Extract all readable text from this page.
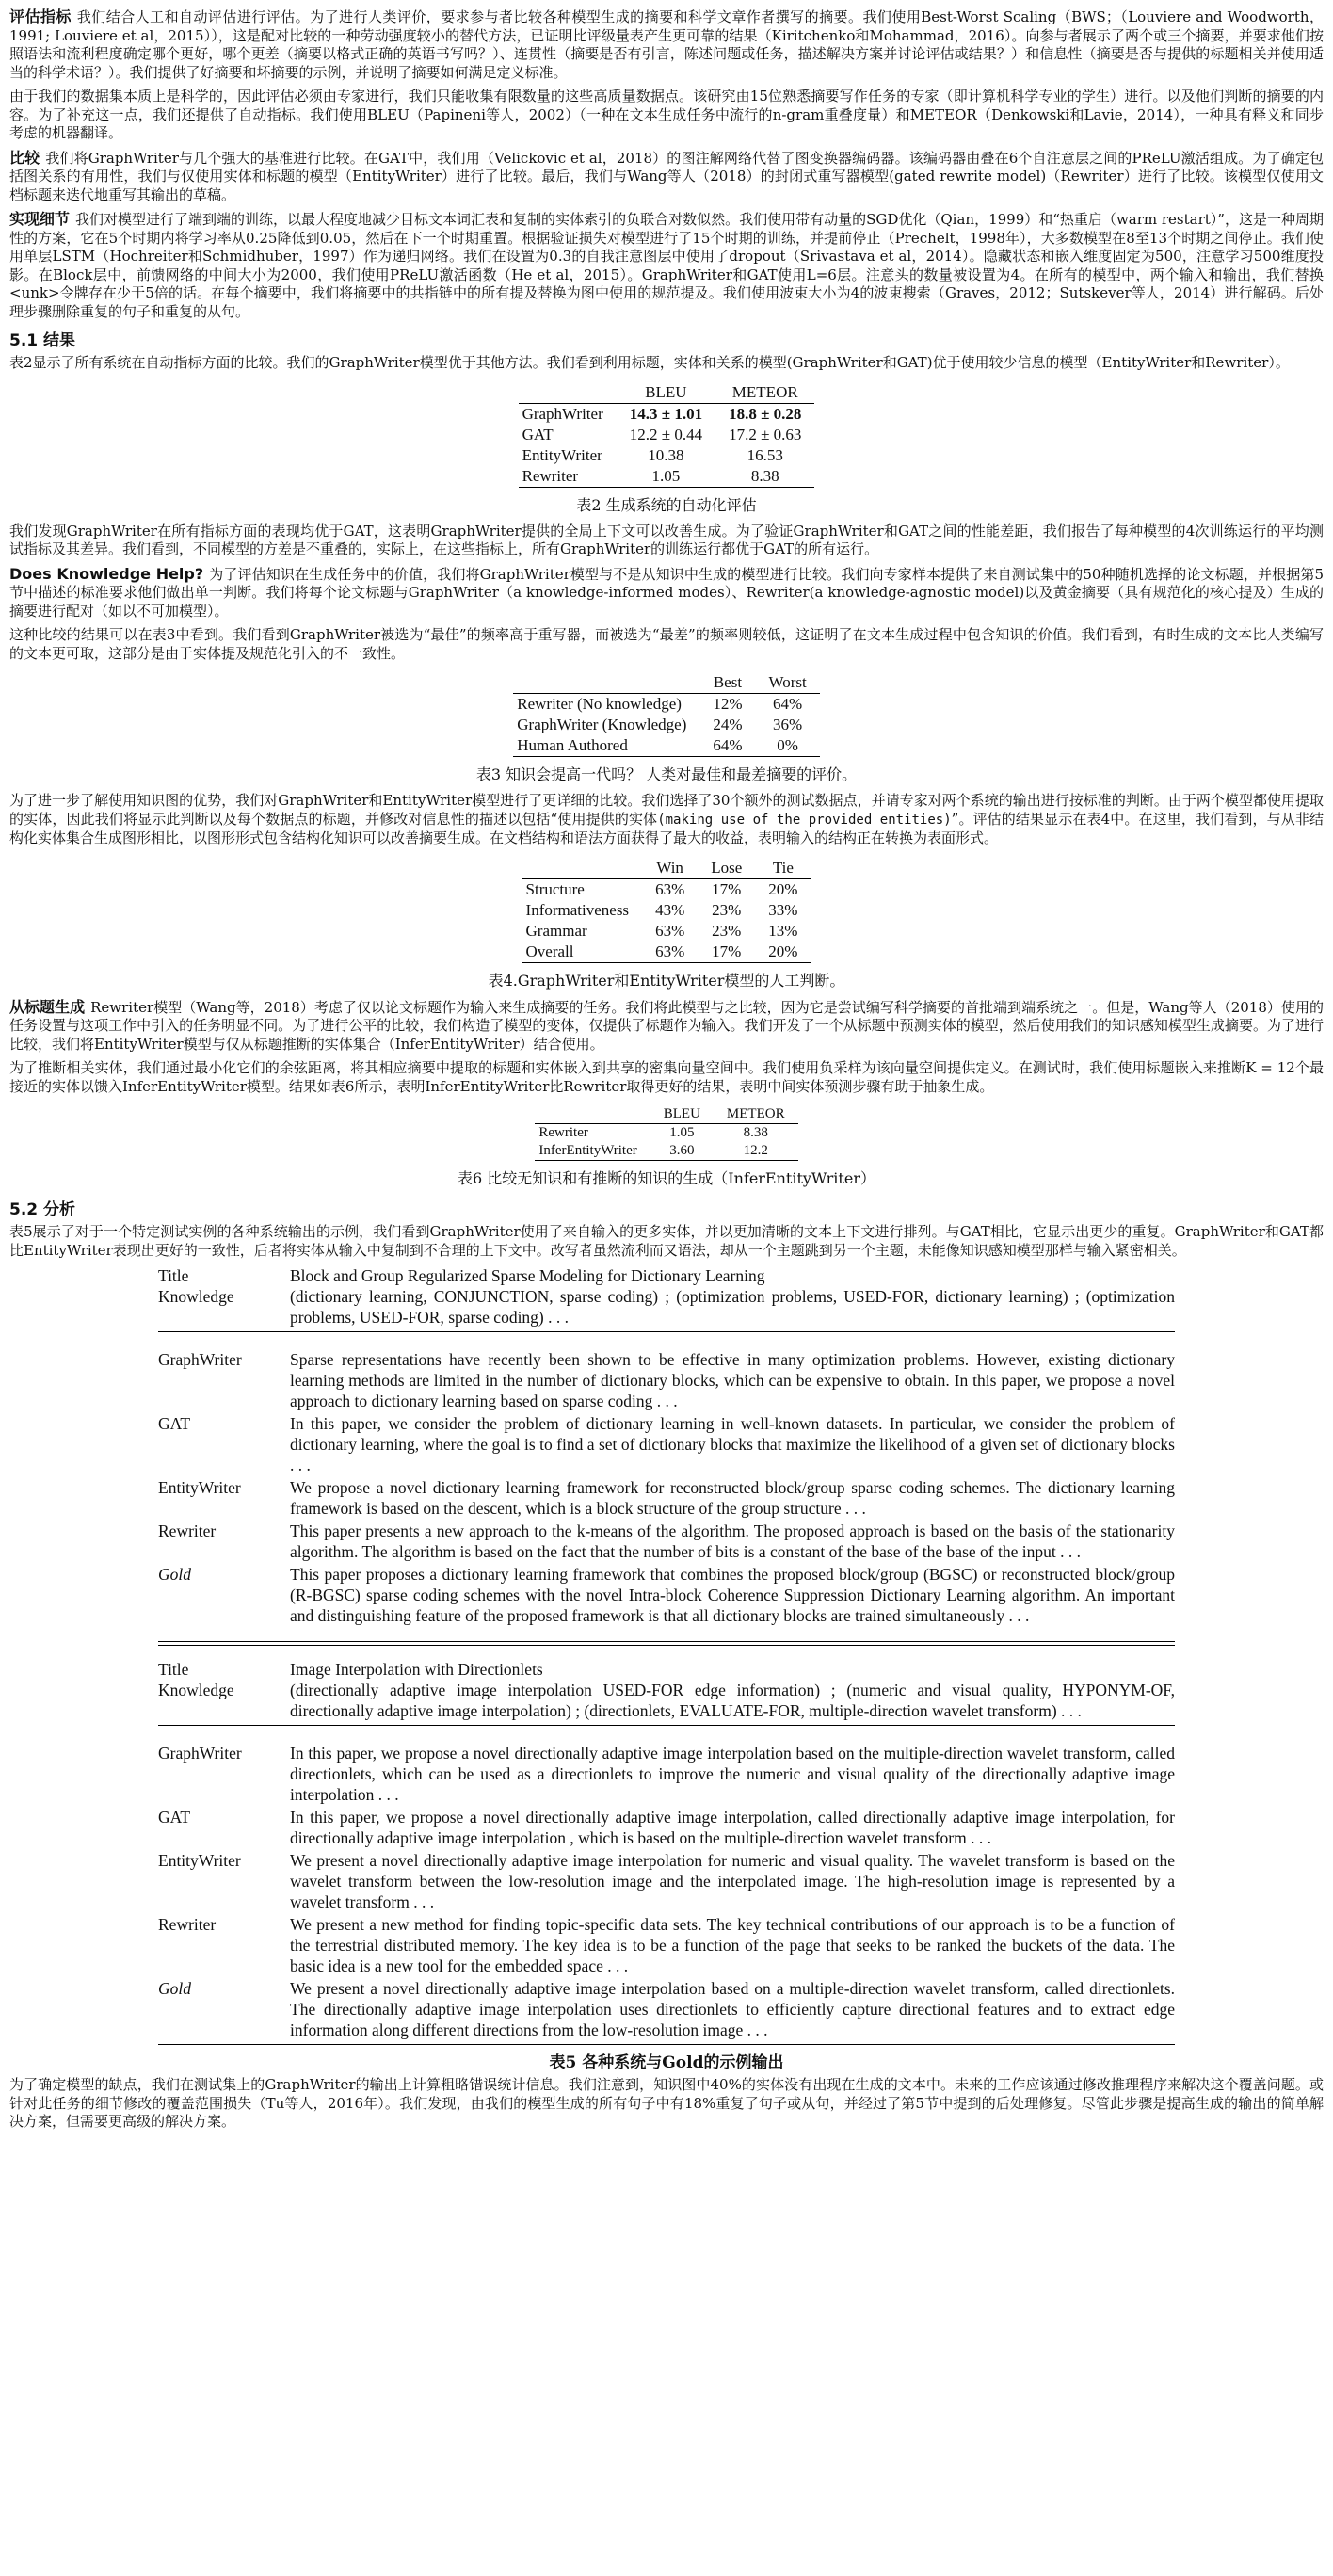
评估指标 我们结合人工和自动评估进行评估。为了进行人类评价，要求参与者比较各种模型生成的摘要和科学文章作者撰写的摘要。我们使用Best-Worst Scaling（BWS；（Louviere and Woodworth，1991; Louviere et al，2015）），这是配对比较的一种劳动强度较小的替代方法，已证明比评级量表产生更可靠的结果（Kiritchenko和Mohammad，2016）。向参与者展示了两个或三个摘要，并要求他们按照语法和流利程度确定哪个更好，哪个更差（摘要以格式正确的英语书写吗？）、连贯性（摘要是否有引言，陈述问题或任务，描述解决方案并讨论评估或结果？）和信息性（摘要是否与提供的标题相关并使用适当的科学术语？）。我们提供了好摘要和坏摘要的示例，并说明了摘要如何满足定义标准。

由于我们的数据集本质上是科学的，因此评估必须由专家进行，我们只能收集有限数量的这些高质量数据点。该研究由15位熟悉摘要写作任务的专家（即计算机科学专业的学生）进行。以及他们判断的摘要的内容。为了补充这一点，我们还提供了自动指标。我们使用BLEU（Papineni等人，2002）（一种在文本生成任务中流行的n-gram重叠度量）和METEOR（Denkowski和Lavie，2014），一种具有释义和同步考虑的机器翻译。

比较 我们将GraphWriter与几个强大的基准进行比较。在GAT中，我们用（Velickovic et al，2018）的图注解网络代替了图变换器编码器。该编码器由叠在6个自注意层之间的PReLU激活组成。为了确定包括图关系的有用性，我们与仅使用实体和标题的模型（EntityWriter）进行了比较。最后，我们与Wang等人（2018）的封闭式重写器模型(gated rewrite model)（Rewriter）进行了比较。该模型仅使用文档标题来迭代地重写其输出的草稿。

实现细节 我们对模型进行了端到端的训练，以最大程度地减少目标文本词汇表和复制的实体索引的负联合对数似然。我们使用带有动量的SGD优化（Qian，1999）和“热重启（warm restart）”，这是一种周期性的方案，它在5个时期内将学习率从0.25降低到0.05，然后在下一个时期重置。根据验证损失对模型进行了15个时期的训练，并提前停止（Prechelt，1998年），大多数模型在8至13个时期之间停止。我们使用单层LSTM（Hochreiter和Schmidhuber，1997）作为递归网络。我们在设置为0.3的自我注意图层中使用了dropout（Srivastava et al，2014）。隐藏状态和嵌入维度固定为500，注意学习500维度投影。在Block层中，前馈网络的中间大小为2000，我们使用PReLU激活函数（He et al，2015）。GraphWriter和GAT使用L=6层。注意头的数量被设置为4。在所有的模型中，两个输入和输出，我们替换<unk>令牌存在少于5倍的话。在每个摘要中，我们将摘要中的共指链中的所有提及替换为图中使用的规范提及。我们使用波束大小为4的波束搜索（Graves，2012；Sutskever等人，2014）进行解码。后处理步骤删除重复的句子和重复的从句。

5.1 结果

表2显示了所有系统在自动指标方面的比较。我们的GraphWriter模型优于其他方法。我们看到利用标题，实体和关系的模型(GraphWriter和GAT)优于使用较少信息的模型（EntityWriter和Rewriter）。

	BLEU	METEOR
GraphWriter	14.3 ± 1.01	18.8 ± 0.28
GAT	12.2 ± 0.44	17.2 ± 0.63
EntityWriter	10.38	16.53
Rewriter	1.05	8.38
表2 生成系统的自动化评估

我们发现GraphWriter在所有指标方面的表现均优于GAT，这表明GraphWriter提供的全局上下文可以改善生成。为了验证GraphWriter和GAT之间的性能差距，我们报告了每种模型的4次训练运行的平均测试指标及其差异。我们看到，不同模型的方差是不重叠的，实际上，在这些指标上，所有GraphWriter的训练运行都优于GAT的所有运行。

Does Knowledge Help? 为了评估知识在生成任务中的价值，我们将GraphWriter模型与不是从知识中生成的模型进行比较。我们向专家样本提供了来自测试集中的50种随机选择的论文标题，并根据第5节中描述的标准要求他们做出单一判断。我们将每个论文标题与GraphWriter（a knowledge-informed modes）、Rewriter(a knowledge-agnostic model)以及黄金摘要（具有规范化的核心提及）生成的摘要进行配对（如以不可加模型）。

这种比较的结果可以在表3中看到。我们看到GraphWriter被选为“最佳”的频率高于重写器，而被选为“最差”的频率则较低，这证明了在文本生成过程中包含知识的价值。我们看到，有时生成的文本比人类编写的文本更可取，这部分是由于实体提及规范化引入的不一致性。

	Best	Worst
Rewriter (No knowledge)	12%	64%
GraphWriter (Knowledge)	24%	36%
Human Authored	64%	0%
表3 知识会提高一代吗？ 人类对最佳和最差摘要的评价。

为了进一步了解使用知识图的优势，我们对GraphWriter和EntityWriter模型进行了更详细的比较。我们选择了30个额外的测试数据点，并请专家对两个系统的输出进行按标准的判断。由于两个模型都使用提取的实体，因此我们将显示此判断以及每个数据点的标题，并修改对信息性的描述以包括“使用提供的实体(making use of the provided entities)”。评估的结果显示在表4中。在这里，我们看到，与从非结构化实体集合生成图形相比，以图形形式包含结构化知识可以改善摘要生成。在文档结构和语法方面获得了最大的收益，表明输入的结构正在转换为表面形式。

	Win	Lose	Tie
Structure	63%	17%	20%
Informativeness	43%	23%	33%
Grammar	63%	23%	13%
Overall	63%	17%	20%
表4.GraphWriter和EntityWriter模型的人工判断。

从标题生成 Rewriter模型（Wang等，2018）考虑了仅以论文标题作为输入来生成摘要的任务。我们将此模型与之比较，因为它是尝试编写科学摘要的首批端到端系统之一。但是，Wang等人（2018）使用的任务设置与这项工作中引入的任务明显不同。为了进行公平的比较，我们构造了模型的变体，仅提供了标题作为输入。我们开发了一个从标题中预测实体的模型，然后使用我们的知识感知模型生成摘要。为了进行比较，我们将EntityWriter模型与仅从标题推断的实体集合（InferEntityWriter）结合使用。

为了推断相关实体，我们通过最小化它们的余弦距离，将其相应摘要中提取的标题和实体嵌入到共享的密集向量空间中。我们使用负采样为该向量空间提供定义。在测试时，我们使用标题嵌入来推断K = 12个最接近的实体以馈入InferEntityWriter模型。结果如表6所示，表明InferEntityWriter比Rewriter取得更好的结果，表明中间实体预测步骤有助于抽象生成。

	BLEU	METEOR
Rewriter	1.05	8.38
InferEntityWriter	3.60	12.2
表6 比较无知识和有推断的知识的生成（InferEntityWriter）
5.2 分析

表5展示了对于一个特定测试实例的各种系统输出的示例，我们看到GraphWriter使用了来自输入的更多实体，并以更加清晰的文本上下文进行排列。与GAT相比，它显示出更少的重复。GraphWriter和GAT都比EntityWriter表现出更好的一致性，后者将实体从输入中复制到不合理的上下文中。改写者虽然流利而又语法，却从一个主题跳到另一个主题，未能像知识感知模型那样与输入紧密相关。

Title	Block and Group Regularized Sparse Modeling for Dictionary Learning
Knowledge	(dictionary learning, CONJUNCTION, sparse coding) ; (optimization problems, USED-FOR, dictionary learning) ; (optimization problems, USED-FOR, sparse coding) . . .
GraphWriter	Sparse representations have recently been shown to be effective in many optimization problems. However, existing dictionary learning methods are limited in the number of dictionary blocks, which can be expensive to obtain. In this paper, we propose a novel approach to dictionary learning based on sparse coding . . .
GAT	In this paper, we consider the problem of dictionary learning in well-known datasets. In particular, we consider the problem of dictionary learning, where the goal is to find a set of dictionary blocks that maximize the likelihood of a given set of dictionary blocks . . .
EntityWriter	We propose a novel dictionary learning framework for reconstructed block/group sparse coding schemes. The dictionary learning framework is based on the descent, which is a block structure of the group structure . . .
Rewriter	This paper presents a new approach to the k-means of the algorithm. The proposed approach is based on the basis of the stationarity algorithm. The algorithm is based on the fact that the number of bits is a constant of the base of the base of the input . . .
Gold	This paper proposes a dictionary learning framework that combines the proposed block/group (BGSC) or reconstructed block/group (R-BGSC) sparse coding schemes with the novel Intra-block Coherence Suppression Dictionary Learning algorithm. An important and distinguishing feature of the proposed framework is that all dictionary blocks are trained simultaneously . . .
Title	Image Interpolation with Directionlets
Knowledge	(directionally adaptive image interpolation USED-FOR edge information) ; (numeric and visual quality, HYPONYM-OF, directionally adaptive image interpolation) ; (directionlets, EVALUATE-FOR, multiple-direction wavelet transform) . . .
GraphWriter	In this paper, we propose a novel directionally adaptive image interpolation based on the multiple-direction wavelet transform, called directionlets, which can be used as a directionlets to improve the numeric and visual quality of the directionally adaptive image interpolation . . .
GAT	In this paper, we propose a novel directionally adaptive image interpolation, called directionally adaptive image interpolation, for directionally adaptive image interpolation , which is based on the multiple-direction wavelet transform . . .
EntityWriter	We present a novel directionally adaptive image interpolation for numeric and visual quality. The wavelet transform is based on the wavelet transform between the low-resolution image and the interpolated image. The high-resolution image is represented by a wavelet transform . . .
Rewriter	We present a new method for finding topic-specific data sets. The key technical contributions of our approach is to be a function of the terrestrial distributed memory. The key idea is to be a function of the page that seeks to be ranked the buckets of the data. The basic idea is a new tool for the embedded space . . .
Gold	We present a novel directionally adaptive image interpolation based on a multiple-direction wavelet transform, called directionlets. The directionally adaptive image interpolation uses directionlets to efficiently capture directional features and to extract edge information along different directions from the low-resolution image . . .
表5 各种系统与Gold的示例输出

为了确定模型的缺点，我们在测试集上的GraphWriter的输出上计算粗略错误统计信息。我们注意到，知识图中40%的实体没有出现在生成的文本中。未来的工作应该通过修改推理程序来解决这个覆盖问题。或针对此任务的细节修改的覆盖范围损失（Tu等人，2016年）。我们发现，由我们的模型生成的所有句子中有18%重复了句子或从句，并经过了第5节中提到的后处理修复。尽管此步骤是提高生成的输出的简单解决方案，但需要更高级的解决方案。
